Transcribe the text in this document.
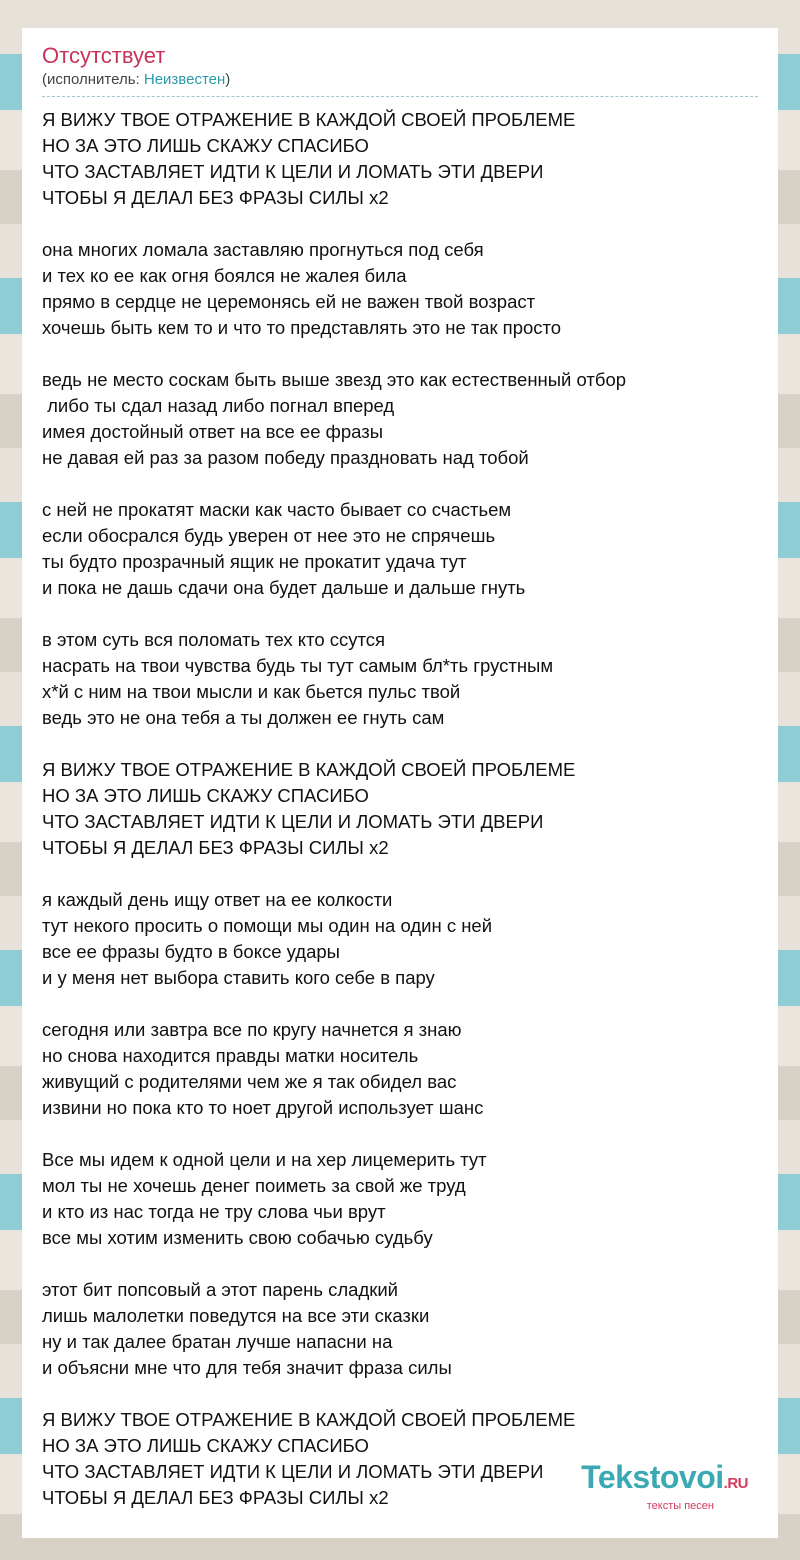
Отсутствует
(исполнитель: Неизвестен)
Я ВИЖУ ТВОЕ ОТРАЖЕНИЕ В КАЖДОЙ СВОЕЙ ПРОБЛЕМЕ
НО ЗА ЭТО ЛИШЬ СКАЖУ СПАСИБО
ЧТО ЗАСТАВЛЯЕТ ИДТИ К ЦЕЛИ И ЛОМАТЬ ЭТИ ДВЕРИ
ЧТОБЫ Я ДЕЛАЛ БЕЗ ФРАЗЫ СИЛЫ x2
она многих ломала заставляю прогнуться под себя
и тех ко ее как огня боялся не жалея била
прямо в сердце не церемонясь ей не важен твой возраст
хочешь быть кем то и что то представлять это не так просто
ведь не место соскам быть выше звезд это как естественный отбор
либо ты сдал назад либо погнал вперед
имея достойный ответ на все ее фразы
не давая ей раз за разом победу праздновать над тобой
с ней не прокатят маски как часто бывает со счастьем
если обосрался будь уверен от нее это не спрячешь
ты будто прозрачный ящик не прокатит удача тут
и пока не дашь сдачи она будет дальше и дальше гнуть
в этом суть вся поломать тех кто ссутся
насрать на твои чувства будь ты тут самым бл*ть грустным
х*й с ним на твои мысли и как бьется пульс твой
ведь это не она тебя а ты должен ее гнуть сам
Я ВИЖУ ТВОЕ ОТРАЖЕНИЕ В КАЖДОЙ СВОЕЙ ПРОБЛЕМЕ
НО ЗА ЭТО ЛИШЬ СКАЖУ СПАСИБО
ЧТО ЗАСТАВЛЯЕТ ИДТИ К ЦЕЛИ И ЛОМАТЬ ЭТИ ДВЕРИ
ЧТОБЫ Я ДЕЛАЛ БЕЗ ФРАЗЫ СИЛЫ x2
я каждый день ищу ответ на ее колкости
тут некого просить о помощи мы один на один с ней
все ее фразы будто в боксе удары
и у меня нет выбора ставить кого себе в пару
сегодня или завтра все по кругу начнется я знаю
но снова находится правды матки носитель
живущий с родителями чем же я так обидел вас
извини но пока кто то ноет другой использует шанс
Все мы идем к одной цели и на хер лицемерить тут
мол ты не хочешь денег поиметь за свой же труд
и кто из нас тогда не тру слова чьи врут
все мы хотим изменить свою собачью судьбу
этот бит попсовый а этот парень сладкий
лишь малолетки поведутся на все эти сказки
ну и так далее братан лучше напасни на
и объясни мне что для тебя значит фраза силы
Я ВИЖУ ТВОЕ ОТРАЖЕНИЕ В КАЖДОЙ СВОЕЙ ПРОБЛЕМЕ
НО ЗА ЭТО ЛИШЬ СКАЖУ СПАСИБО
ЧТО ЗАСТАВЛЯЕТ ИДТИ К ЦЕЛИ И ЛОМАТЬ ЭТИ ДВЕРИ
ЧТОБЫ Я ДЕЛАЛ БЕЗ ФРАЗЫ СИЛЫ x2
Tekstovoi.RU
тексты песен
